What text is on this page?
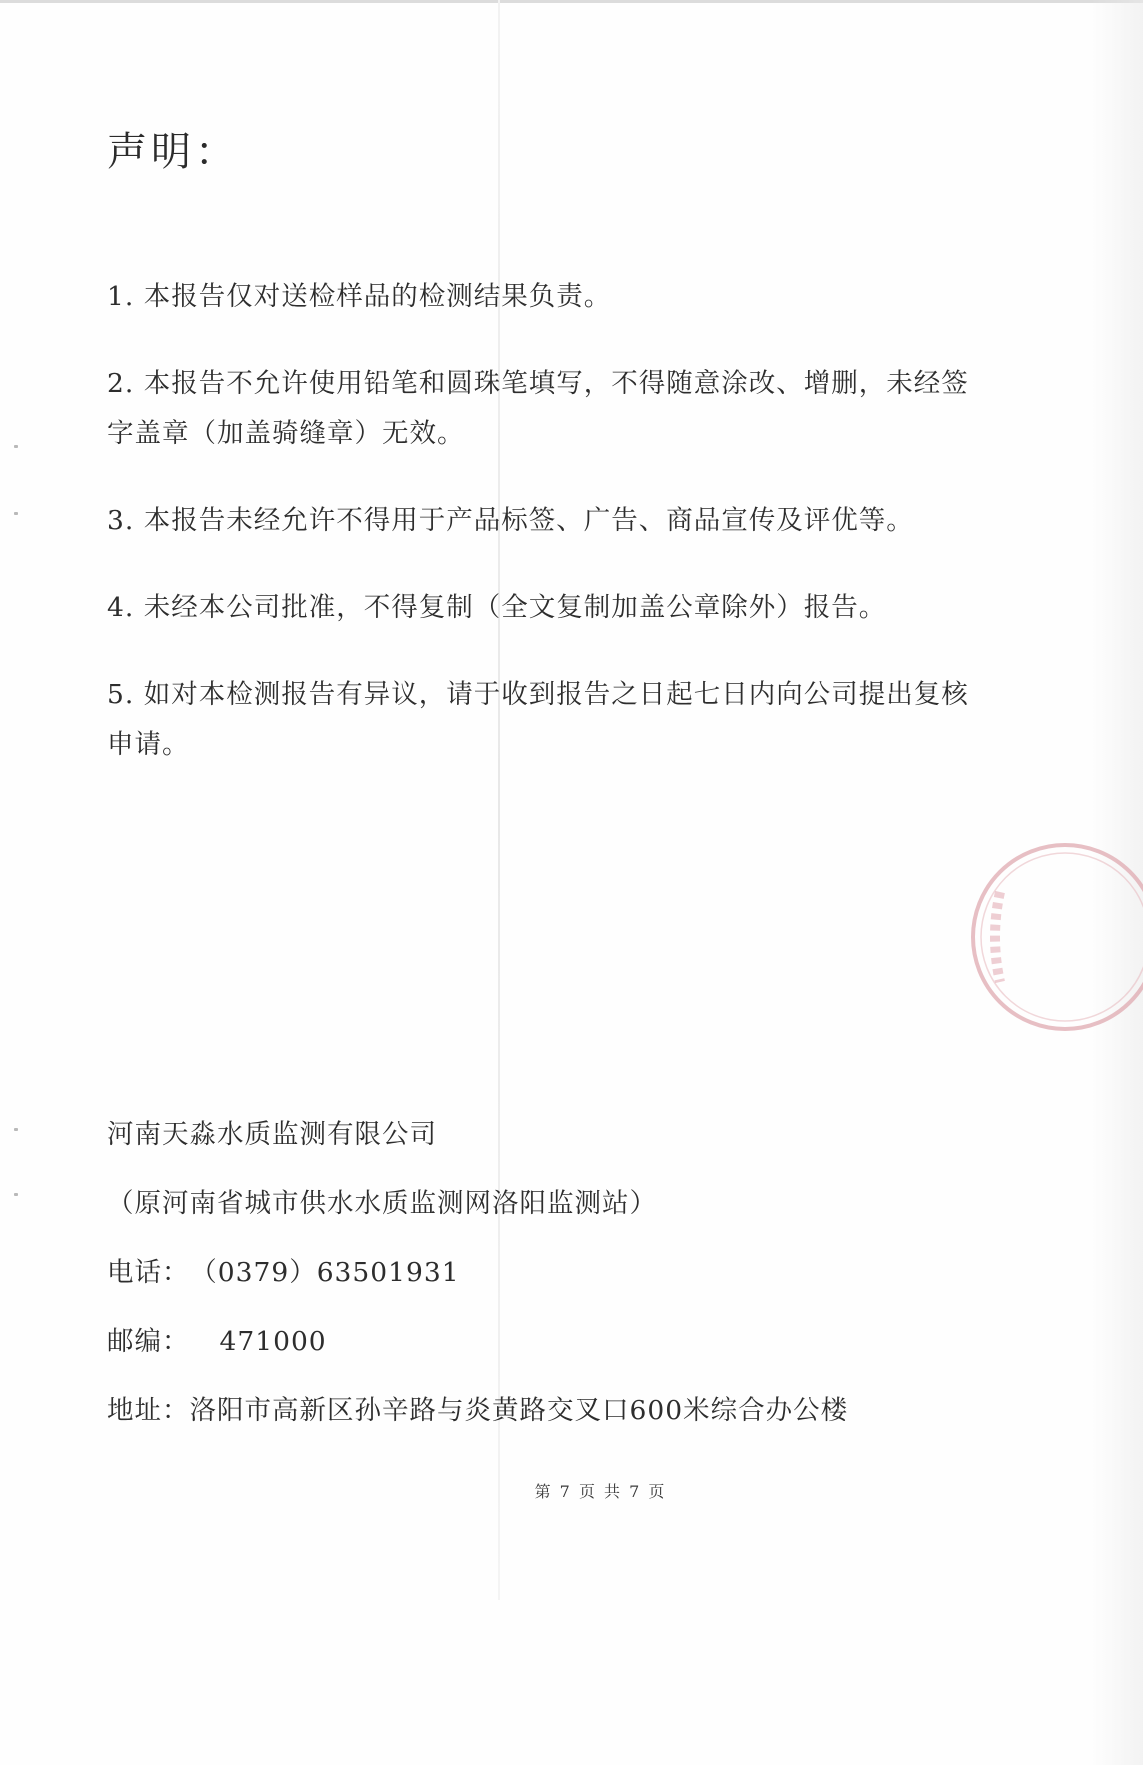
声明：
1. 本报告仅对送检样品的检测结果负责。
2. 本报告不允许使用铅笔和圆珠笔填写，不得随意涂改、增删，未经签字盖章（加盖骑缝章）无效。
3. 本报告未经允许不得用于产品标签、广告、商品宣传及评优等。
4. 未经本公司批准，不得复制（全文复制加盖公章除外）报告。
5. 如对本检测报告有异议，请于收到报告之日起七日内向公司提出复核申请。
河南天淼水质监测有限公司
（原河南省城市供水水质监测网洛阳监测站）
电话： （0379）63501931
邮编： 471000
地址：洛阳市高新区孙辛路与炎黄路交叉口600米综合办公楼
第 7 页 共 7 页
